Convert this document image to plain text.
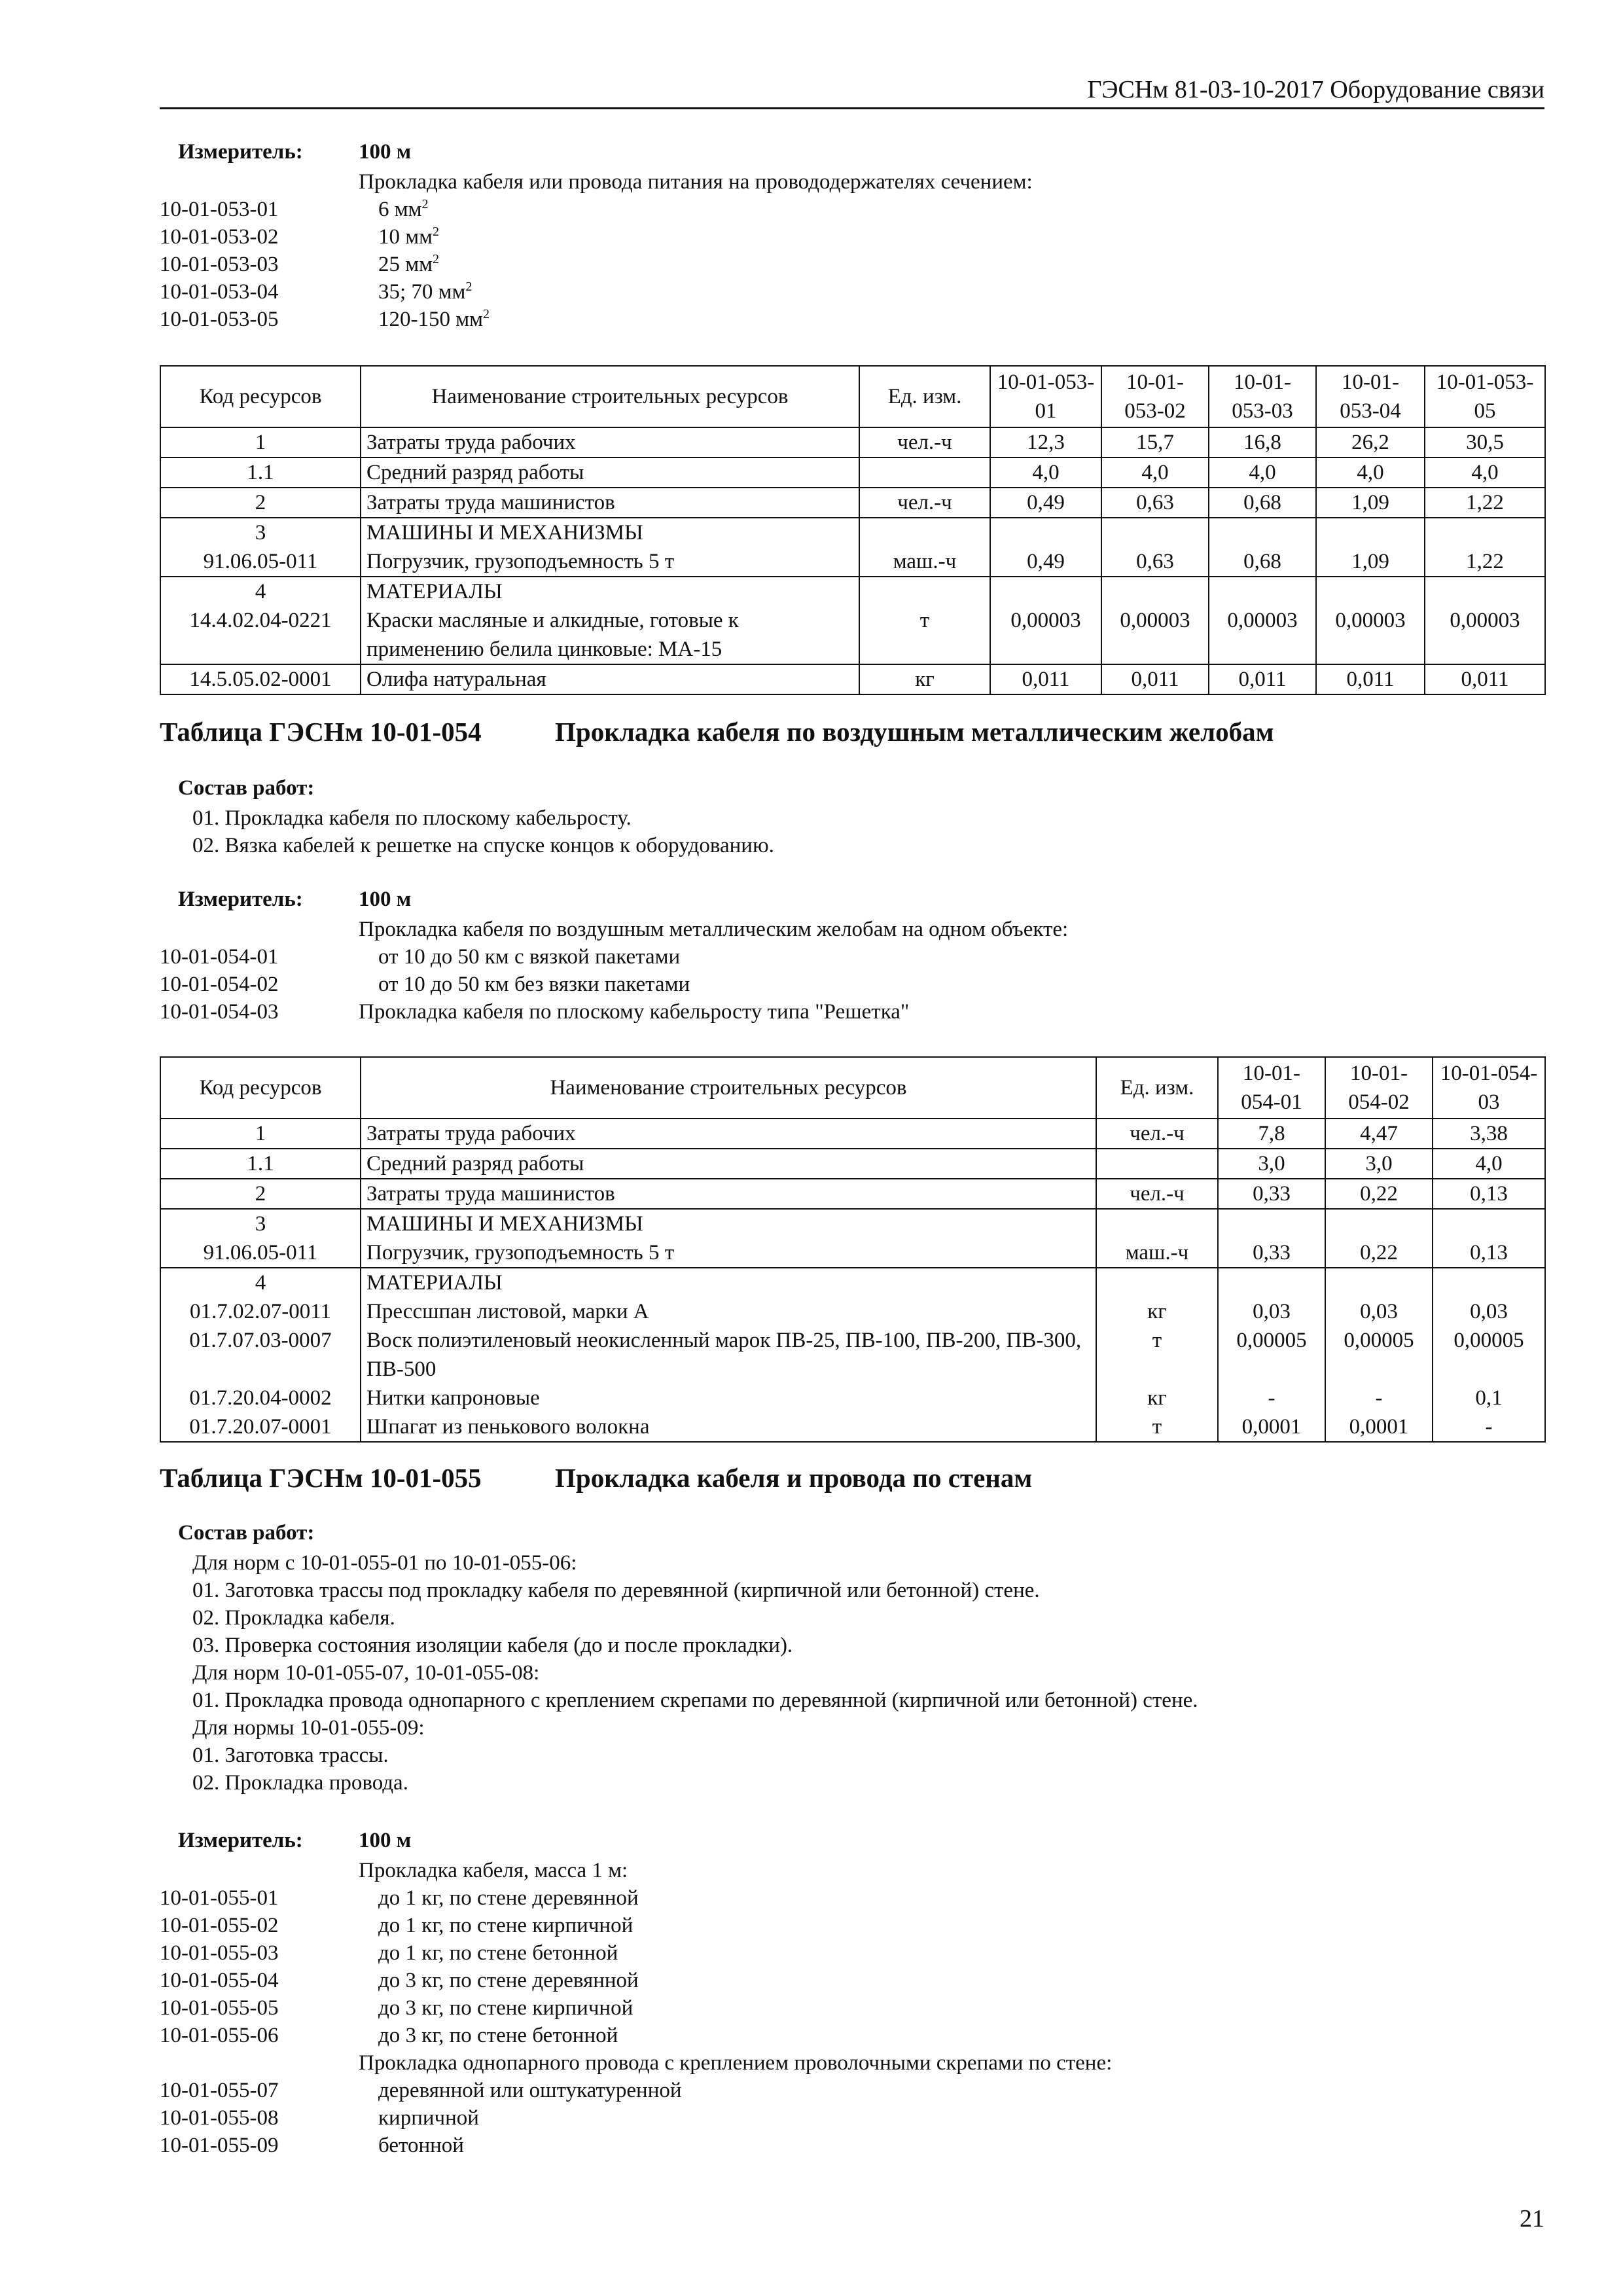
ГЭСНм 81-03-10-2017 Оборудование связи
Измеритель:	100 м
Прокладка кабеля или провода питания на провододержателях сечением:
10-01-053-01	6 $мм^2$
10-01-053-02	10 $мм^2$
10-01-053-03	25 $мм^2$
10-01-053-04	35; 70 $мм^2$
10-01-053-05	120-150 $мм^2$
Код ресурсов	Наименование строительных ресурсов	Ед. изм.	10-01-053-01	10-01-053-02	10-01-053-03	10-01-053-04	10-01-053-05
1	Затраты труда рабочих	чел.-ч	12,3	15,7	16,8	26,2	30,5
1.1	Средний разряд работы		4,0	4,0	4,0	4,0	4,0
2	Затраты труда машинистов	чел.-ч	0,49	0,63	0,68	1,09	1,22
3	МАШИНЫ И МЕХАНИЗМЫ						
91.06.05-011	Погрузчик, грузоподъемность 5 т	маш.-ч	0,49	0,63	0,68	1,09	1,22
4	МАТЕРИАЛЫ						
14.4.02.04-0221	Краски масляные и алкидные, готовые к применению белила цинковые: МА-15	т	0,00003	0,00003	0,00003	0,00003	0,00003
14.5.05.02-0001	Олифа натуральная	кг	0,011	0,011	0,011	0,011	0,011
Таблица ГЭСНм 10-01-054	Прокладка кабеля по воздушным металлическим желобам
Состав работ:
01. Прокладка кабеля по плоскому кабельросту.
02. Вязка кабелей к решетке на спуске концов к оборудованию.
Измеритель:	100 м
Прокладка кабеля по воздушным металлическим желобам на одном объекте:
10-01-054-01	от 10 до 50 км с вязкой пакетами
10-01-054-02	от 10 до 50 км без вязки пакетами
10-01-054-03	Прокладка кабеля по плоскому кабельросту типа "Решетка"
Код ресурсов	Наименование строительных ресурсов	Ед. изм.	10-01-054-01	10-01-054-02	10-01-054-03
1	Затраты труда рабочих	чел.-ч	7,8	4,47	3,38
1.1	Средний разряд работы		3,0	3,0	4,0
2	Затраты труда машинистов	чел.-ч	0,33	0,22	0,13
3	МАШИНЫ И МЕХАНИЗМЫ				
91.06.05-011	Погрузчик, грузоподъемность 5 т	маш.-ч	0,33	0,22	0,13
4	МАТЕРИАЛЫ				
01.7.02.07-0011	Прессшпан листовой, марки А	кг	0,03	0,03	0,03
01.7.07.03-0007	Воск полиэтиленовый неокисленный марок ПВ-25, ПВ-100, ПВ-200, ПВ-300, ПВ-500	т	0,00005	0,00005	0,00005
01.7.20.04-0002	Нитки капроновые	кг	-	-	0,1
01.7.20.07-0001	Шпагат из пенькового волокна	т	0,0001	0,0001	-
Таблица ГЭСНм 10-01-055	Прокладка кабеля и провода по стенам
Состав работ:
Для норм с 10-01-055-01 по 10-01-055-06:
01. Заготовка трассы под прокладку кабеля по деревянной (кирпичной или бетонной) стене.
02. Прокладка кабеля.
03. Проверка состояния изоляции кабеля (до и после прокладки).
Для норм 10-01-055-07, 10-01-055-08:
01. Прокладка провода однопарного с креплением скрепами по деревянной (кирпичной или бетонной) стене.
Для нормы 10-01-055-09:
01. Заготовка трассы.
02. Прокладка провода.
Измеритель:	100 м
Прокладка кабеля, масса 1 м:
10-01-055-01	до 1 кг, по стене деревянной
10-01-055-02	до 1 кг, по стене кирпичной
10-01-055-03	до 1 кг, по стене бетонной
10-01-055-04	до 3 кг, по стене деревянной
10-01-055-05	до 3 кг, по стене кирпичной
10-01-055-06	до 3 кг, по стене бетонной
Прокладка однопарного провода с креплением проволочными скрепами по стене:
10-01-055-07	деревянной или оштукатуренной
10-01-055-08	кирпичной
10-01-055-09	бетонной
21
